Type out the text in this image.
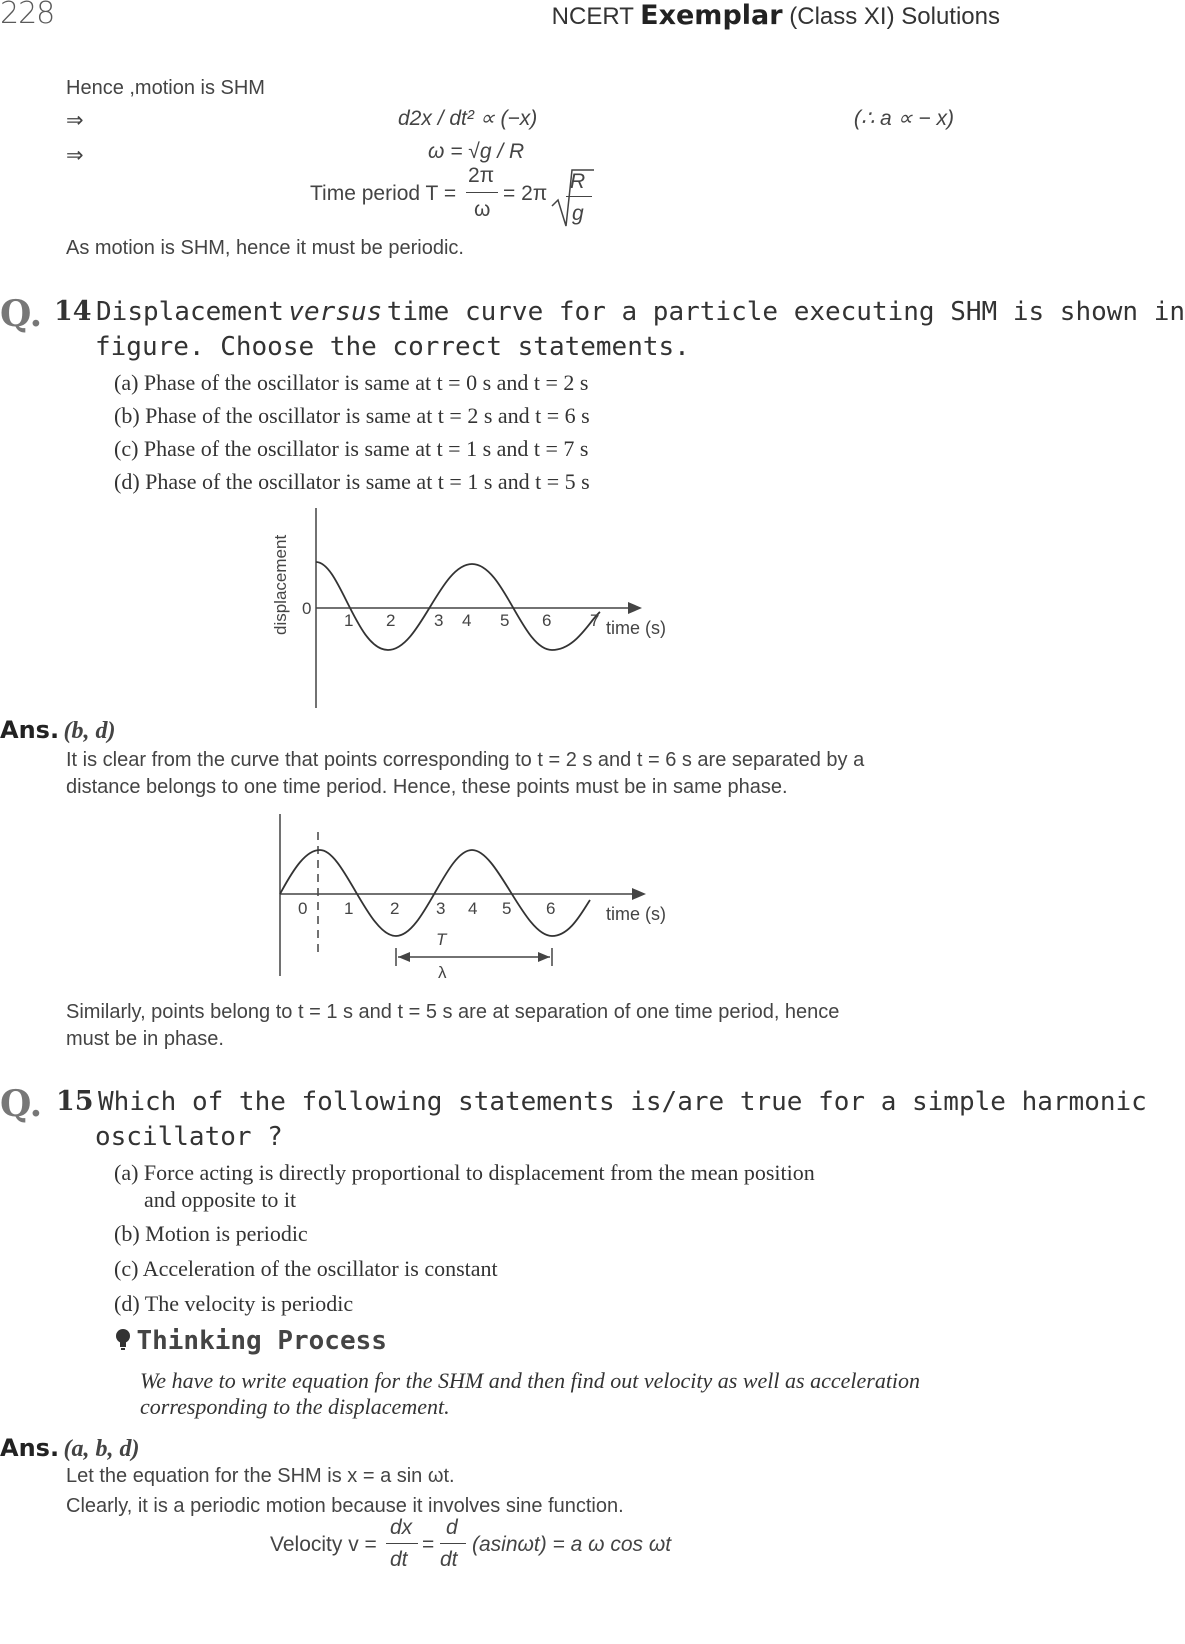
228	NCERT Exemplar (Class XI) Solutions
Hence ,motion is SHM
⇒	d2x / dt² ∝ (−x)	(∴ a ∝ − x)
⇒	ω = √g / R
Time period T =
2π
ω
= 2π
R
g
As motion is SHM, hence it must be periodic.
Q. 14 Displacement versus time curve for a particle executing SHM is shown in
figure. Choose the correct statements.
(a) Phase of the oscillator is same at t = 0 s and t = 2 s
(b) Phase of the oscillator is same at t = 2 s and t = 6 s
(c) Phase of the oscillator is same at t = 1 s and t = 7 s
(d) Phase of the oscillator is same at t = 1 s and t = 5 s
displacement 0
1 2 3 4 5 6 7 time (s)
Ans. (b, d)
It is clear from the curve that points corresponding to t = 2 s and t = 6 s are separated by a
distance belongs to one time period. Hence, these points must be in same phase.
0 1 2 3 4 5 6	time (s)
T
λ
Similarly, points belong to t = 1 s and t = 5 s are at separation of one time period, hence
must be in phase.
Q. 15 Which of the following statements is/are true for a simple harmonic
oscillator ?
(a) Force acting is directly proportional to displacement from the mean position
and opposite to it
(b) Motion is periodic
(c) Acceleration of the oscillator is constant
(d) The velocity is periodic
Thinking Process
We have to write equation for the SHM and then find out velocity as well as acceleration
corresponding to the displacement.
Ans. (a, b, d)
Let the equation for the SHM is x = a sin ωt.
Clearly, it is a periodic motion because it involves sine function.
Velocity v =
dx
dt
=
d
dt
(asinωt) = a ω cos ωt
